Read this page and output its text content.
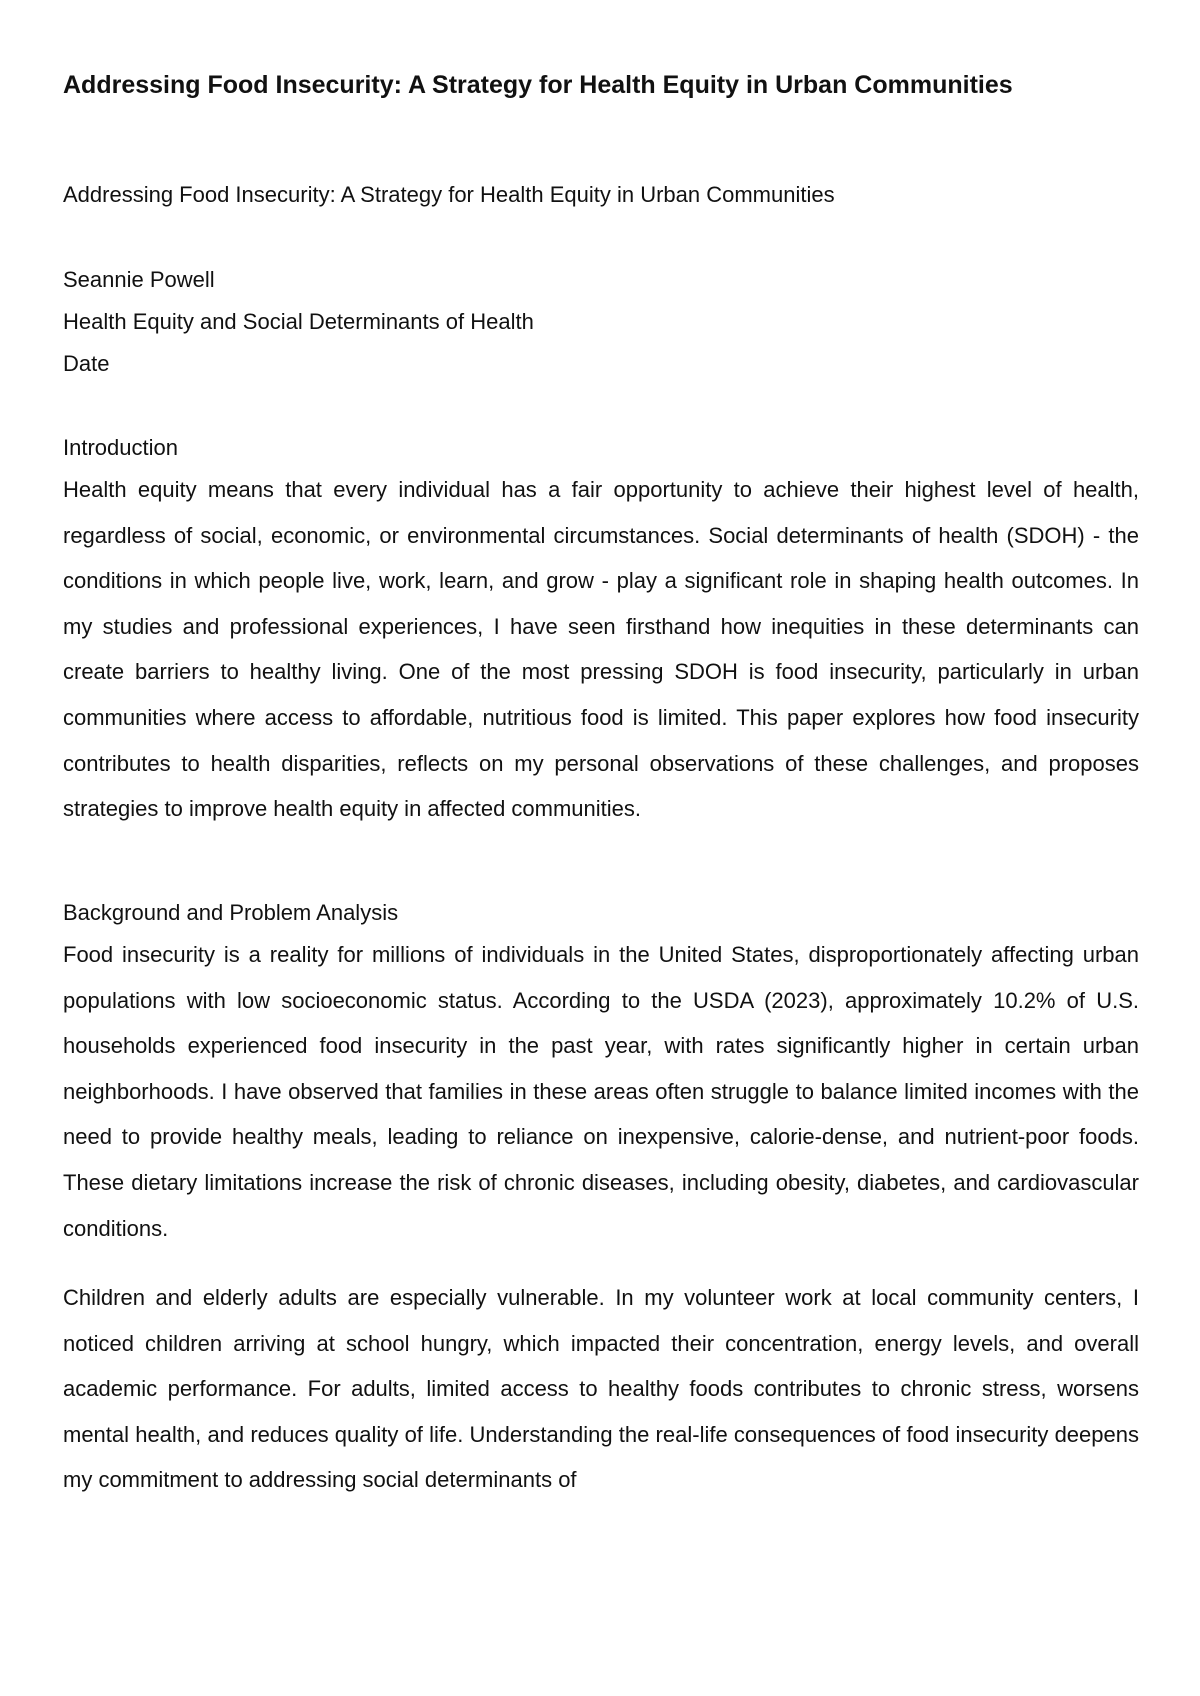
Addressing Food Insecurity: A Strategy for Health Equity in Urban Communities

Addressing Food Insecurity: A Strategy for Health Equity in Urban Communities

Seannie Powell

Health Equity and Social Determinants of Health

Date

Introduction

Health equity means that every individual has a fair opportunity to achieve their highest level of health, regardless of social, economic, or environmental circumstances. Social determinants of health (SDOH) - the conditions in which people live, work, learn, and grow - play a significant role in shaping health outcomes. In my studies and professional experiences, I have seen firsthand how inequities in these determinants can create barriers to healthy living. One of the most pressing SDOH is food insecurity, particularly in urban communities where access to affordable, nutritious food is limited. This paper explores how food insecurity contributes to health disparities, reflects on my personal observations of these challenges, and proposes strategies to improve health equity in affected communities.

Background and Problem Analysis

Food insecurity is a reality for millions of individuals in the United States, disproportionately affecting urban populations with low socioeconomic status. According to the USDA (2023), approximately 10.2% of U.S. households experienced food insecurity in the past year, with rates significantly higher in certain urban neighborhoods. I have observed that families in these areas often struggle to balance limited incomes with the need to provide healthy meals, leading to reliance on inexpensive, calorie-dense, and nutrient-poor foods. These dietary limitations increase the risk of chronic diseases, including obesity, diabetes, and cardiovascular conditions.

Children and elderly adults are especially vulnerable. In my volunteer work at local community centers, I noticed children arriving at school hungry, which impacted their concentration, energy levels, and overall academic performance. For adults, limited access to healthy foods contributes to chronic stress, worsens mental health, and reduces quality of life. Understanding the real-life consequences of food insecurity deepens my commitment to addressing social determinants of
